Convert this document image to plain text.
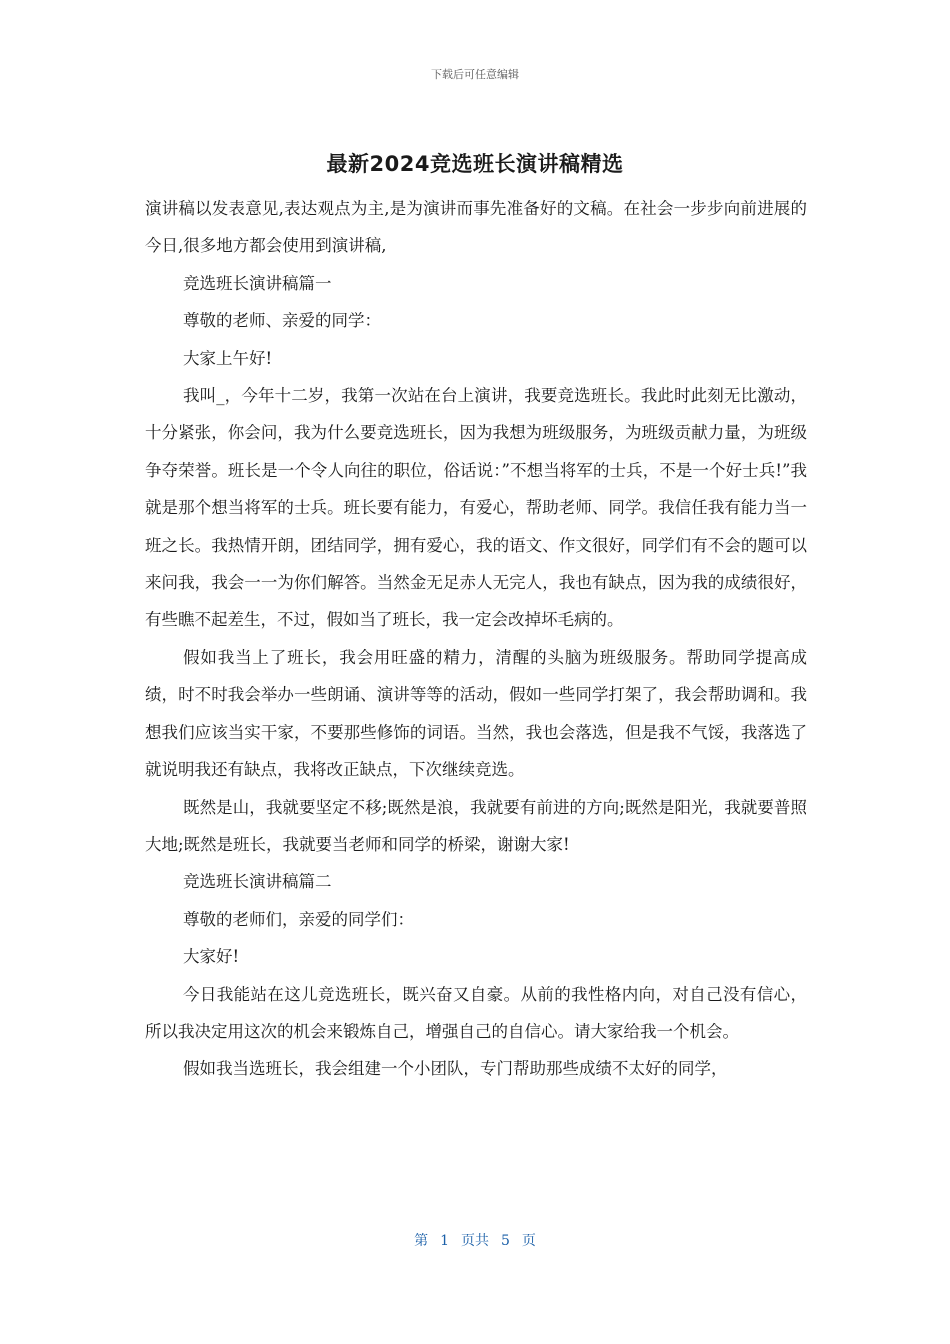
下载后可任意编辑
最新2024竞选班长演讲稿精选

演讲稿以发表意见,表达观点为主,是为演讲而事先准备好的文稿。在社会一步步向前进展的今日,很多地方都会使用到演讲稿,

竞选班长演讲稿篇一

尊敬的老师、亲爱的同学：

大家上午好!

我叫_，今年十二岁，我第一次站在台上演讲，我要竞选班长。我此时此刻无比激动，十分紧张，你会问，我为什么要竞选班长，因为我想为班级服务，为班级贡献力量，为班级争夺荣誉。班长是一个令人向往的职位，俗话说：”不想当将军的士兵，不是一个好士兵!”我就是那个想当将军的士兵。班长要有能力，有爱心，帮助老师、同学。我信任我有能力当一班之长。我热情开朗，团结同学，拥有爱心，我的语文、作文很好，同学们有不会的题可以来问我，我会一一为你们解答。当然金无足赤人无完人，我也有缺点，因为我的成绩很好，有些瞧不起差生，不过，假如当了班长，我一定会改掉坏毛病的。

假如我当上了班长，我会用旺盛的精力，清醒的头脑为班级服务。帮助同学提高成绩，时不时我会举办一些朗诵、演讲等等的活动，假如一些同学打架了，我会帮助调和。我想我们应该当实干家，不要那些修饰的词语。当然，我也会落选，但是我不气馁，我落选了就说明我还有缺点，我将改正缺点，下次继续竞选。

既然是山，我就要坚定不移;既然是浪，我就要有前进的方向;既然是阳光，我就要普照大地;既然是班长，我就要当老师和同学的桥梁，谢谢大家!

竞选班长演讲稿篇二

尊敬的老师们，亲爱的同学们：

大家好!

今日我能站在这儿竞选班长，既兴奋又自豪。从前的我性格内向，对自己没有信心，所以我决定用这次的机会来锻炼自己，增强自己的自信心。请大家给我一个机会。

假如我当选班长，我会组建一个小团队，专门帮助那些成绩不太好的同学，

第 1 页共 5 页
